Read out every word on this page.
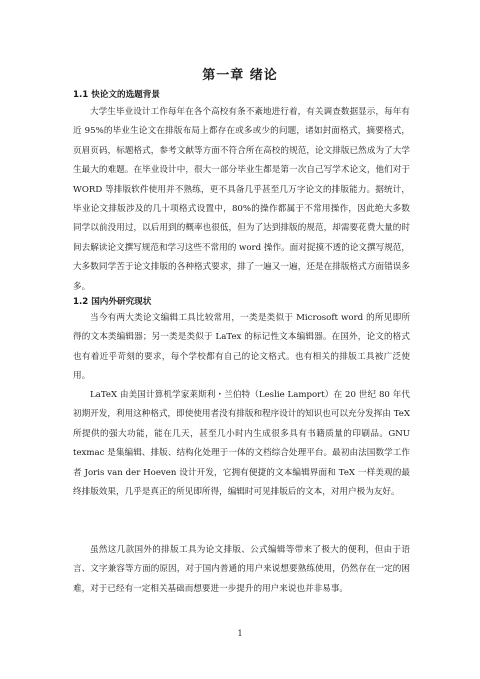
第一章 绪论
1.1 快论文的选题背景

大学生毕业设计工作每年在各个高校有条不紊地进行着，有关调查数据显示，每年有近 95%的毕业生论文在排版布局上都存在或多或少的问题，诸如封面格式，摘要格式，页眉页码，标题格式，参考文献等方面不符合所在高校的规范，论文排版已然成为了大学生最大的难题。在毕业设计中，很大一部分毕业生都是第一次自己写学术论文，他们对于 WORD 等排版软件使用并不熟练，更不具备几乎甚至几万字论文的排版能力。据统计，毕业论文排版涉及的几十项格式设置中，80%的操作都属于不常用操作，因此绝大多数同学以前没用过，以后用到的概率也很低，但为了达到排版的规范，却需要花费大量的时间去解读论文撰写规范和学习这些不常用的 word 操作。面对捉摸不透的论文撰写规范，大多数同学苦于论文排版的各种格式要求，排了一遍又一遍，还是在排版格式方面错误多多。

1.2 国内外研究现状

当今有两大类论文编辑工具比较常用，一类是类似于 Microsoft word 的所见即所得的文本类编辑器；另一类是类似于 LaTex 的标记性文本编辑器。在国外，论文的格式也有着近乎苛刻的要求，每个学校都有自己的论文格式。也有相关的排版工具被广泛使用。

LaTeX 由美国计算机学家莱斯利・兰伯特（Leslie Lamport）在 20 世纪 80 年代初期开发，利用这种格式，即使使用者没有排版和程序设计的知识也可以充分发挥由 TeX 所提供的强大功能，能在几天，甚至几小时内生成很多具有书籍质量的印刷品。GNU texmac 是集编辑、排版、结构化处理于一体的文档综合处理平台。最初由法国数学工作者 Joris van der Hoeven 设计开发，它拥有便捷的文本编辑界面和 TeX 一样美观的最终排版效果，几乎是真正的所见即所得，编辑时可见排版后的文本，对用户极为友好。

虽然这几款国外的排版工具为论文排版、公式编辑等带来了极大的便利，但由于语言、文字兼容等方面的原因，对于国内普通的用户来说想要熟练使用，仍然存在一定的困难，对于已经有一定相关基础而想要进一步提升的用户来说也并非易事。

1
